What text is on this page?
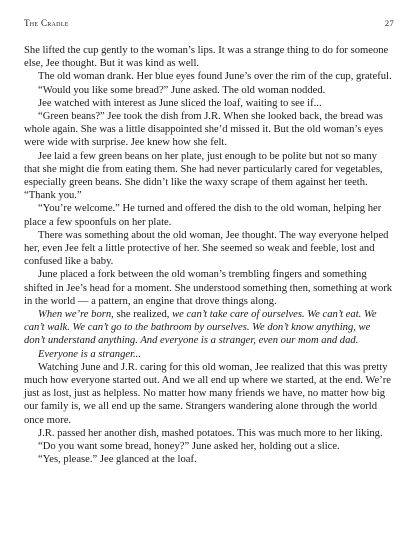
The Cradle	27

She lifted the cup gently to the woman’s lips. It was a strange thing to do for someone else, Jee thought. But it was kind as well.

The old woman drank. Her blue eyes found June’s over the rim of the cup, grateful.

“Would you like some bread?” June asked. The old woman nodded.

Jee watched with interest as June sliced the loaf, waiting to see if...

“Green beans?” Jee took the dish from J.R. When she looked back, the bread was whole again. She was a little disappointed she’d missed it. But the old woman’s eyes were wide with surprise. Jee knew how she felt.

Jee laid a few green beans on her plate, just enough to be polite but not so many that she might die from eating them. She had never particularly cared for vegetables, especially green beans. She didn’t like the waxy scrape of them against her teeth. “Thank you.”

“You’re welcome.” He turned and offered the dish to the old woman, helping her place a few spoonfuls on her plate.

There was something about the old woman, Jee thought. The way everyone helped her, even Jee felt a little protective of her. She seemed so weak and feeble, lost and confused like a baby.

June placed a fork between the old woman’s trembling fingers and something shifted in Jee’s head for a moment. She understood something then, something at work in the world — a pattern, an engine that drove things along.

When we’re born, she realized, we can’t take care of ourselves. We can’t eat. We can’t walk. We can’t go to the bathroom by ourselves. We don’t know anything, we don’t understand anything. And everyone is a stranger, even our mom and dad.

Everyone is a stranger...

Watching June and J.R. caring for this old woman, Jee realized that this was pretty much how everyone started out. And we all end up where we started, at the end. We’re just as lost, just as helpless. No matter how many friends we have, no matter how big our family is, we all end up the same. Strangers wandering alone through the world once more.

J.R. passed her another dish, mashed potatoes. This was much more to her liking.

“Do you want some bread, honey?” June asked her, holding out a slice.

“Yes, please.” Jee glanced at the loaf.
